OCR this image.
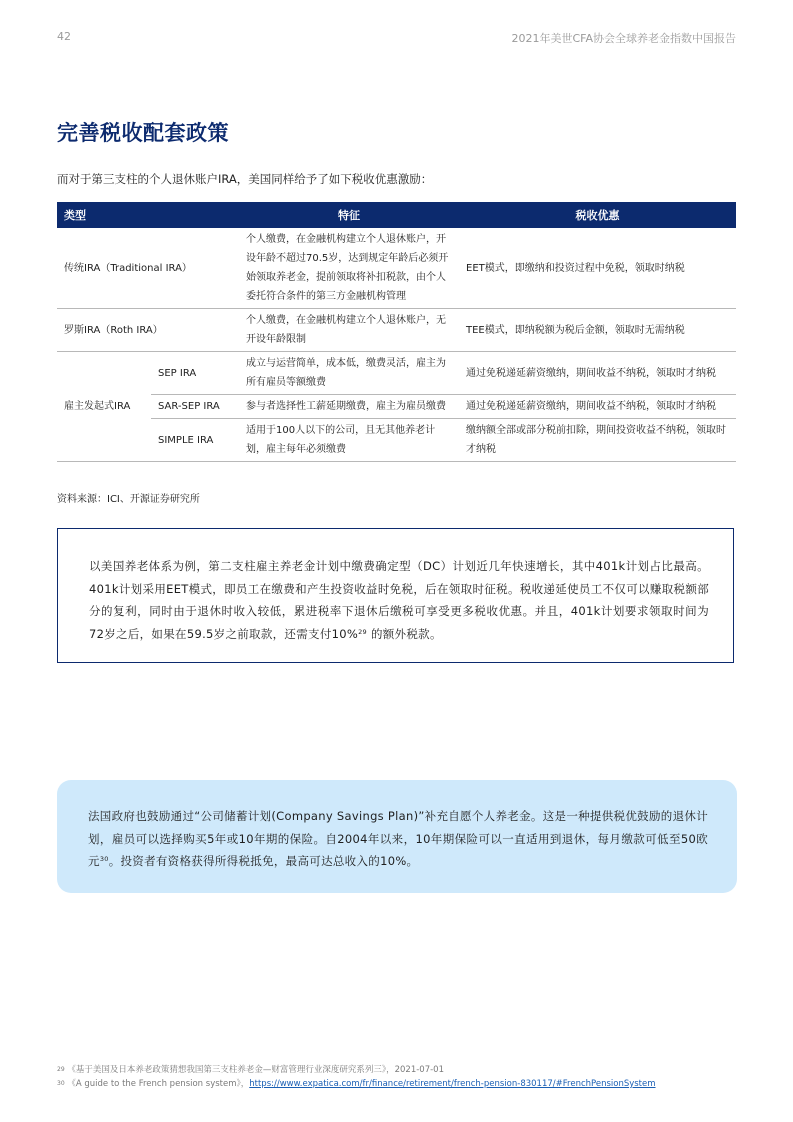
42	2021年美世CFA协会全球养老金指数中国报告
完善税收配套政策
而对于第三支柱的个人退休账户IRA，美国同样给予了如下税收优惠激励：
类型		特征	税收优惠
传统IRA（Traditional IRA）		个人缴费，在金融机构建立个人退休账户，开设年龄不超过70.5岁，达到规定年龄后必须开始领取养老金，提前领取将补扣税款，由个人委托符合条件的第三方金融机构管理	EET模式，即缴纳和投资过程中免税，领取时纳税
罗斯IRA（Roth IRA）		个人缴费，在金融机构建立个人退休账户，无开设年龄限制	TEE模式，即纳税额为税后金额，领取时无需纳税
雇主发起式IRA	SEP IRA	成立与运营简单，成本低，缴费灵活，雇主为所有雇员等额缴费	通过免税递延薪资缴纳，期间收益不纳税，领取时才纳税
	SAR-SEP IRA	参与者选择性工薪延期缴费，雇主为雇员缴费	通过免税递延薪资缴纳，期间收益不纳税，领取时才纳税
	SIMPLE IRA	适用于100人以下的公司，且无其他养老计划，雇主每年必须缴费	缴纳额全部或部分税前扣除，期间投资收益不纳税，领取时才纳税
资料来源：ICI、开源证券研究所

以美国养老体系为例，第二支柱雇主养老金计划中缴费确定型（DC）计划近几年快速增长，其中401k计划占比最高。401k计划采用EET模式，即员工在缴费和产生投资收益时免税，后在领取时征税。税收递延使员工不仅可以赚取税额部分的复利，同时由于退休时收入较低，累进税率下退休后缴税可享受更多税收优惠。并且，401k计划要求领取时间为72岁之后，如果在59.5岁之前取款，还需支付10%$^{29}$ 的额外税款。

法国政府也鼓励通过“公司储蓄计划(Company Savings Plan)”补充自愿个人养老金。这是一种提供税优鼓励的退休计划，雇员可以选择购买5年或10年期的保险。自2004年以来，10年期保险可以一直适用到退休，每月缴款可低至50欧元$^{30}$。投资者有资格获得所得税抵免，最高可达总收入的10%。

$^{29}$ 《基于美国及日本养老政策猜想我国第三支柱养老金—财富管理行业深度研究系列三》，2021-07-01
$^{30}$ 《A guide to the French pension system》，https://www.expatica.com/fr/finance/retirement/french-pension-830117/#FrenchPensionSystem
